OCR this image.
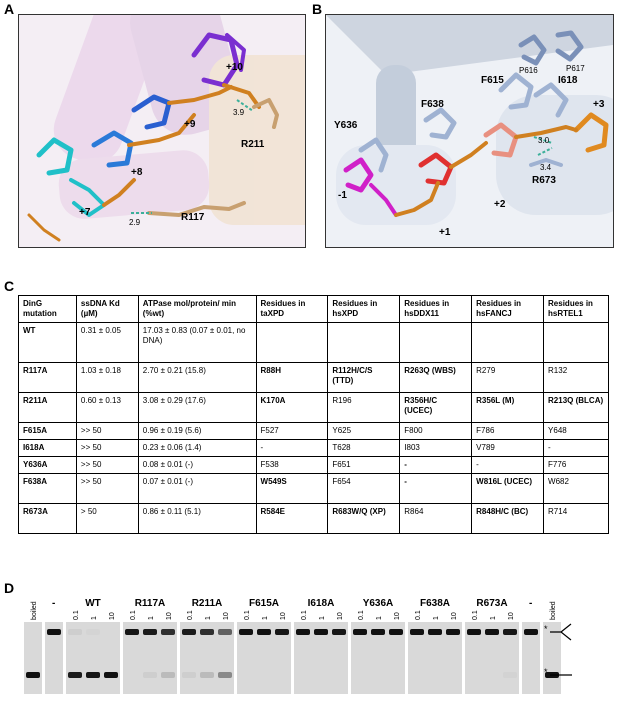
A	B
C
D
+10
3.9
+9
R211
+8
+7
2.9	R117
P616	P617
F615	I618
F638
Y636
+3
3.0
3.4
R673
-1
+1
+2
DinG mutation	ssDNA Kd (µM)	ATPase mol/protein/ min (%wt)	Residues in taXPD	Residues in hsXPD	Residues in hsDDX11	Residues in hsFANCJ	Residues in hsRTEL1
WT	0.31 ± 0.05	17.03 ± 0.83 (0.07 ± 0.01, no DNA)					
R117A	1.03 ± 0.18	2.70 ± 0.21 (15.8)	R88H	R112H/C/S (TTD)	R263Q (WBS)	R279	R132
R211A	0.60 ± 0.13	3.08 ± 0.29 (17.6)	K170A	R196	R356H/C (UCEC)	R356L (M)	R213Q (BLCA)
F615A	>> 50	0.96 ± 0.19 (5.6)	F527	Y625	F800	F786	Y648
I618A	>> 50	0.23 ± 0.06 (1.4)	-	T628	I803	V789	-
Y636A	>> 50	0.08 ± 0.01 (-)	F538	F651	-	-	F776
F638A	>> 50	0.07 ± 0.01 (-)	W549S	F654	-	W816L (UCEC)	W682
R673A	> 50	0.86 ± 0.11 (5.1)	R584E	R683W/Q (XP)	R864	R848H/C (BC)	R714
boiled -
0.1 1 10 0.1 1 10 0.1 1 10 0.1 1 10 0.1 1 10 0.1 1 10 0.1 1 10 0.1 1 10
-	boiled
WT	R117A	R211A	F615A	I618A	Y636A	F638A	R673A
*
*
